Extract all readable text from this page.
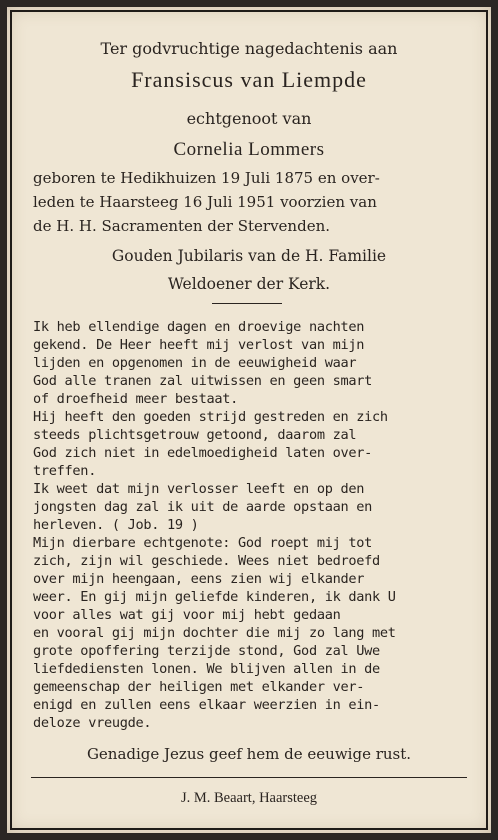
Ter godvruchtige nagedachtenis aan
Fransiscus van Liempde
echtgenoot van
Cornelia Lommers
geboren te Hedikhuizen 19 Juli 1875 en over-
leden te Haarsteeg 16 Juli 1951 voorzien van
de H. H. Sacramenten der Stervenden.
Gouden Jubilaris van de H. Familie
Weldoener der Kerk.
Ik heb ellendige dagen en droevige nachten
gekend. De Heer heeft mij verlost van mijn
lijden en opgenomen in de eeuwigheid waar
God alle tranen zal uitwissen en geen smart
of droefheid meer bestaat.
Hij heeft den goeden strijd gestreden en zich
steeds plichtsgetrouw getoond, daarom zal
God zich niet in edelmoedigheid laten over-
treffen.
Ik weet dat mijn verlosser leeft en op den
jongsten dag zal ik uit de aarde opstaan en
herleven. ( Job. 19 )
Mijn dierbare echtgenote: God roept mij tot
zich, zijn wil geschiede. Wees niet bedroefd
over mijn heengaan, eens zien wij elkander
weer. En gij mijn geliefde kinderen, ik dank U
voor alles wat gij voor mij hebt gedaan
en vooral gij mijn dochter die mij zo lang met
grote opoffering terzijde stond, God zal Uwe
liefdediensten lonen. We blijven allen in de
gemeenschap der heiligen met elkander ver-
enigd en zullen eens elkaar weerzien in ein-
deloze vreugde.
Genadige Jezus geef hem de eeuwige rust.
J. M. Beaart, Haarsteeg
